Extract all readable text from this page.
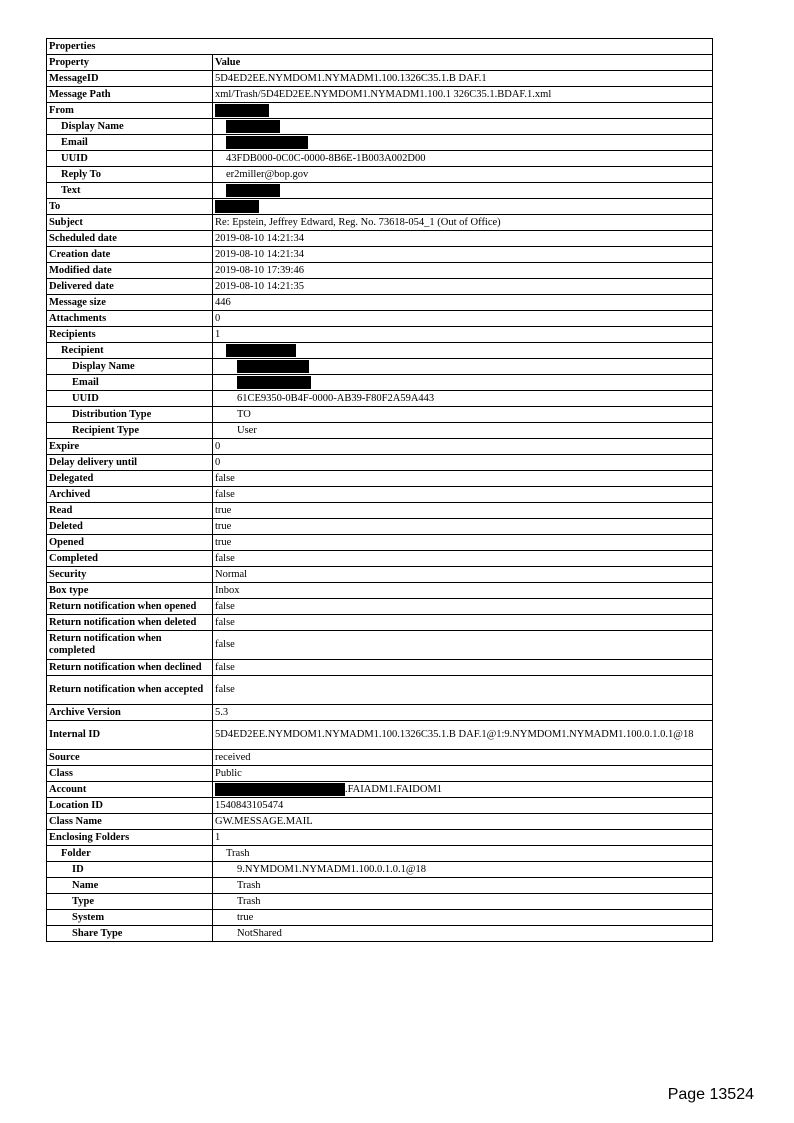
Properties	
Property	Value
MessageID	5D4ED2EE.NYMDOM1.NYMADM1.100.1326C35.1.B DAF.1
Message Path	xml/Trash/5D4ED2EE.NYMDOM1.NYMADM1.100.1 326C35.1.BDAF.1.xml
From	
Display Name	
Email	
UUID	43FDB000-0C0C-0000-8B6E-1B003A002D00
Reply To	er2miller@bop.gov
Text	
To	
Subject	Re: Epstein, Jeffrey Edward, Reg. No. 73618-054_1 (Out of Office)
Scheduled date	2019-08-10 14:21:34
Creation date	2019-08-10 14:21:34
Modified date	2019-08-10 17:39:46
Delivered date	2019-08-10 14:21:35
Message size	446
Attachments	0
Recipients	1
Recipient	
Display Name	
Email	
UUID	61CE9350-0B4F-0000-AB39-F80F2A59A443
Distribution Type	TO
Recipient Type	User
Expire	0
Delay delivery until	0
Delegated	false
Archived	false
Read	true
Deleted	true
Opened	true
Completed	false
Security	Normal
Box type	Inbox
Return notification when opened	false
Return notification when deleted	false
Return notification when completed	false
Return notification when declined	false
Return notification when accepted	false
Archive Version	5.3
Internal ID	5D4ED2EE.NYMDOM1.NYMADM1.100.1326C35.1.B DAF.1@1:9.NYMDOM1.NYMADM1.100.0.1.0.1@18
Source	received
Class	Public
Account	.FAIADM1.FAIDOM1
Location ID	1540843105474
Class Name	GW.MESSAGE.MAIL
Enclosing Folders	1
Folder	Trash
ID	9.NYMDOM1.NYMADM1.100.0.1.0.1@18
Name	Trash
Type	Trash
System	true
Share Type	NotShared
Page 13524
